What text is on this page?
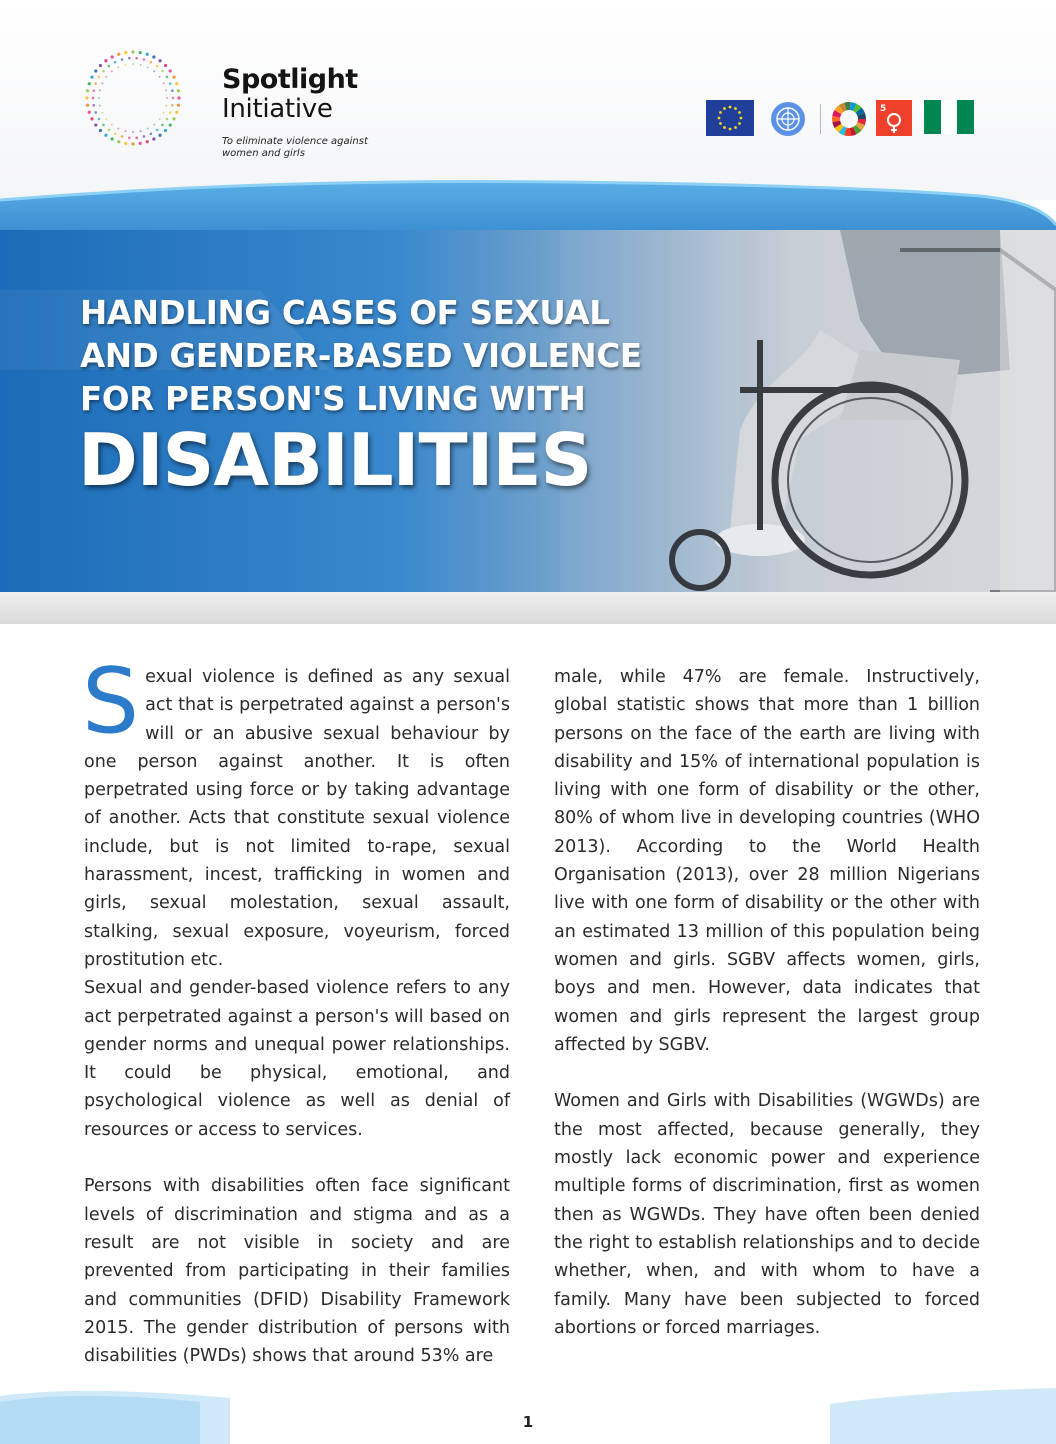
Spotlight
Initiative
To eliminate violence against women and girls
5
HANDLING CASES OF SEXUAL
AND GENDER-BASED VIOLENCE
FOR PERSON'S LIVING WITH
DISABILITIES

Sexual violence is defined as any sexual act that is perpetrated against a person's will or an abusive sexual behaviour by one person against another. It is often perpetrated using force or by taking advantage of another. Acts that constitute sexual violence include, but is not limited to-rape, sexual harassment, incest, trafficking in women and girls, sexual molestation, sexual assault, stalking, sexual exposure, voyeurism, forced prostitution etc.

Sexual and gender-based violence refers to any act perpetrated against a person's will based on gender norms and unequal power relationships. It could be physical, emotional, and psychological violence as well as denial of resources or access to services.

Persons with disabilities often face significant levels of discrimination and stigma and as a result are not visible in society and are prevented from participating in their families and communities (DFID) Disability Framework 2015. The gender distribution of persons with disabilities (PWDs) shows that around 53% are

male, while 47% are female. Instructively, global statistic shows that more than 1 billion persons on the face of the earth are living with disability and 15% of international population is living with one form of disability or the other, 80% of whom live in developing countries (WHO 2013). According to the World Health Organisation (2013), over 28 million Nigerians live with one form of disability or the other with an estimated 13 million of this population being women and girls. SGBV affects women, girls, boys and men. However, data indicates that women and girls represent the largest group affected by SGBV.

Women and Girls with Disabilities (WGWDs) are the most affected, because generally, they mostly lack economic power and experience multiple forms of discrimination, first as women then as WGWDs. They have often been denied the right to establish relationships and to decide whether, when, and with whom to have a family. Many have been subjected to forced abortions or forced marriages.

1
